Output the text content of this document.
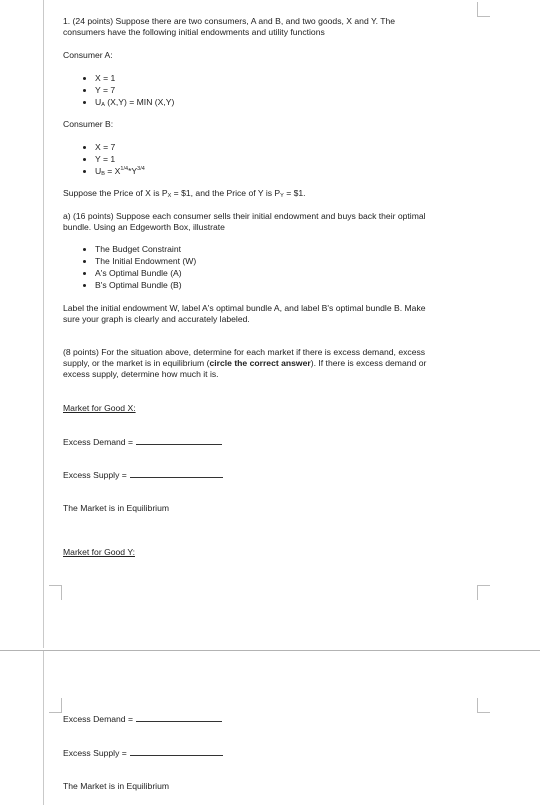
1. (24 points) Suppose there are two consumers, A and B, and two goods, X and Y. The
consumers have the following initial endowments and utility functions
Consumer A:
X = 1
Y = 7
$U_A$ (X,Y) = MIN (X,Y)
Consumer B:
X = 7
Y = 1
$U_B = X^{1/4}*Y^{3/4}$
Suppose the Price of X is $P_X$ = $1, and the Price of Y is $P_Y$ = $1.
a) (16 points) Suppose each consumer sells their initial endowment and buys back their optimal
bundle. Using an Edgeworth Box, illustrate
The Budget Constraint
The Initial Endowment (W)
A's Optimal Bundle (A)
B's Optimal Bundle (B)
Label the initial endowment W, label A's optimal bundle A, and label B's optimal bundle B. Make
sure your graph is clearly and accurately labeled.
(8 points) For the situation above, determine for each market if there is excess demand, excess
supply, or the market is in equilibrium (circle the correct answer). If there is excess demand or
excess supply, determine how much it is.
Market for Good X:
Excess Demand =
Excess Supply =
The Market is in Equilibrium
Market for Good Y:
Excess Demand =
Excess Supply =
The Market is in Equilibrium
